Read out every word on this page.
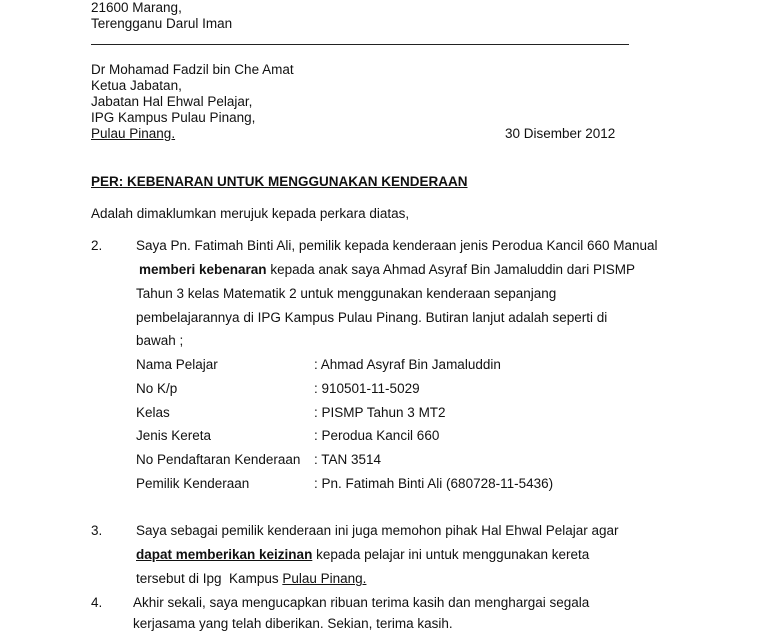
21600 Marang,
Terengganu Darul Iman
Dr Mohamad Fadzil bin Che Amat
Ketua Jabatan,
Jabatan Hal Ehwal Pelajar,
IPG Kampus Pulau Pinang,
Pulau Pinang.	30 Disember 2012
PER: KEBENARAN UNTUK MENGGUNAKAN KENDERAAN
Adalah dimaklumkan merujuk kepada perkara diatas,
2. Saya Pn. Fatimah Binti Ali, pemilik kepada kenderaan jenis Perodua Kancil 660 Manual
memberi kebenaran kepada anak saya Ahmad Asyraf Bin Jamaluddin dari PISMP
Tahun 3 kelas Matematik 2 untuk menggunakan kenderaan sepanjang
pembelajarannya di IPG Kampus Pulau Pinang. Butiran lanjut adalah seperti di
bawah ;
Nama Pelajar	: Ahmad Asyraf Bin Jamaluddin
No K/p	: 910501-11-5029
Kelas	: PISMP Tahun 3 MT2
Jenis Kereta	: Perodua Kancil 660
No Pendaftaran Kenderaan : TAN 3514
Pemilik Kenderaan	: Pn. Fatimah Binti Ali (680728-11-5436)
3. Saya sebagai pemilik kenderaan ini juga memohon pihak Hal Ehwal Pelajar agar
dapat memberikan keizinan kepada pelajar ini untuk menggunakan kereta
tersebut di Ipg  Kampus Pulau Pinang.
4. Akhir sekali, saya mengucapkan ribuan terima kasih dan menghargai segala
kerjasama yang telah diberikan. Sekian, terima kasih.
